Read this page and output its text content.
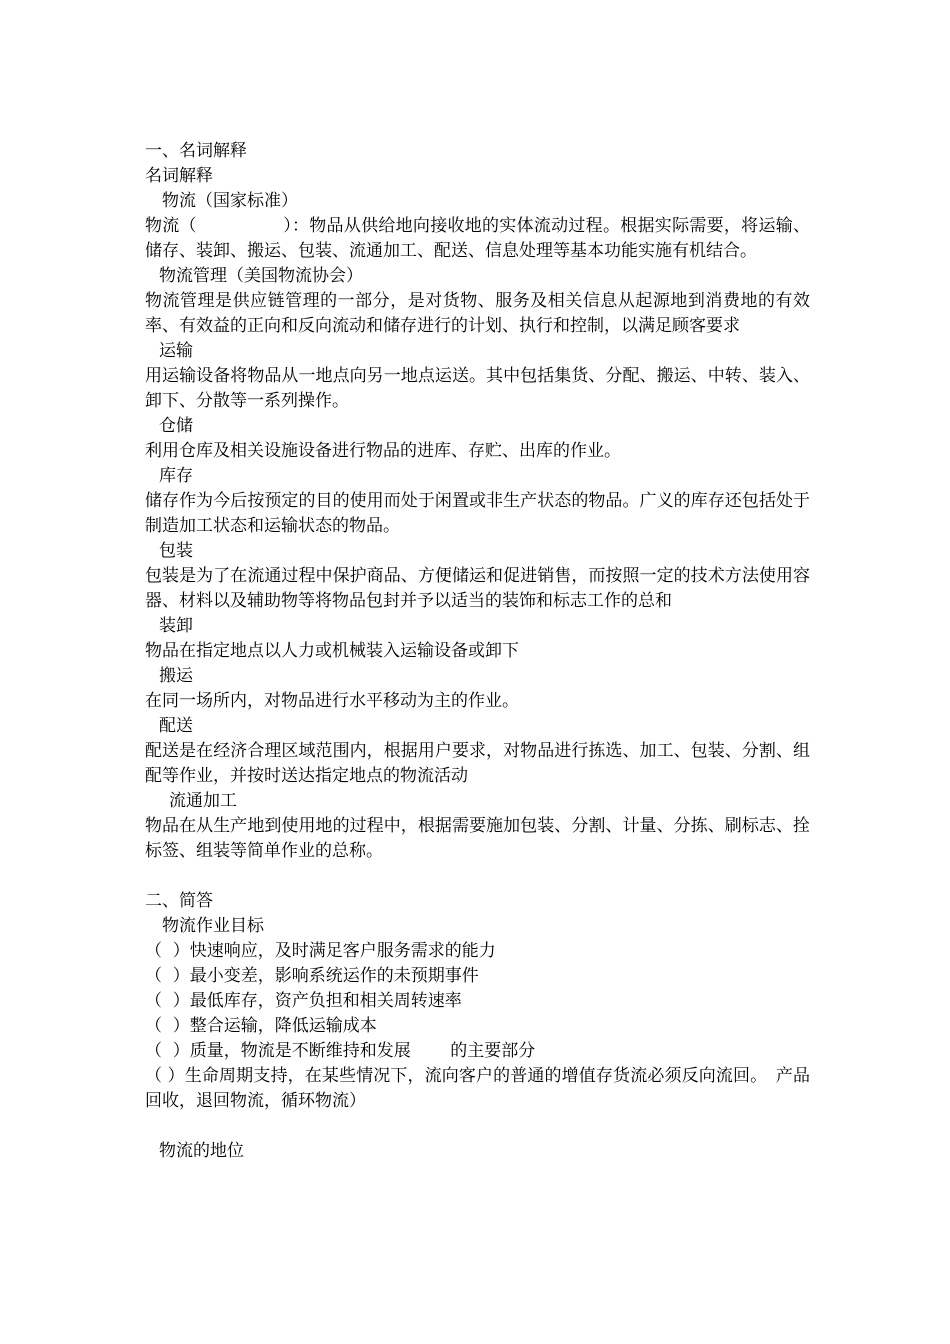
一、名词解释
名词解释
物流（国家标准）
物流（　　　　　）：物品从供给地向接收地的实体流动过程。根据实际需要，将运输、储存、装卸、搬运、包装、流通加工、配送、信息处理等基本功能实施有机结合。
物流管理（美国物流协会）
物流管理是供应链管理的一部分，是对货物、服务及相关信息从起源地到消费地的有效率、有效益的正向和反向流动和储存进行的计划、执行和控制，以满足顾客要求
运输
用运输设备将物品从一地点向另一地点运送。其中包括集货、分配、搬运、中转、装入、卸下、分散等一系列操作。
仓储
利用仓库及相关设施设备进行物品的进库、存贮、出库的作业。
库存
储存作为今后按预定的目的使用而处于闲置或非生产状态的物品。广义的库存还包括处于制造加工状态和运输状态的物品。
包装
包装是为了在流通过程中保护商品、方便储运和促进销售，而按照一定的技术方法使用容器、材料以及辅助物等将物品包封并予以适当的装饰和标志工作的总和
装卸
物品在指定地点以人力或机械装入运输设备或卸下
搬运
在同一场所内，对物品进行水平移动为主的作业。
配送
配送是在经济合理区域范围内，根据用户要求，对物品进行拣选、加工、包装、分割、组配等作业，并按时送达指定地点的物流活动
流通加工
物品在从生产地到使用地的过程中，根据需要施加包装、分割、计量、分拣、刷标志、拴标签、组装等简单作业的总称。
二、简答
物流作业目标
（  ）快速响应，及时满足客户服务需求的能力
（  ）最小变差，影响系统运作的未预期事件
（  ）最低库存，资产负担和相关周转速率
（  ）整合运输，降低运输成本
（  ）质量，物流是不断维持和发展　　 的主要部分
（ ）生命周期支持，在某些情况下，流向客户的普通的增值存货流必须反向流回。　产品回收，退回物流，循环物流）
物流的地位
